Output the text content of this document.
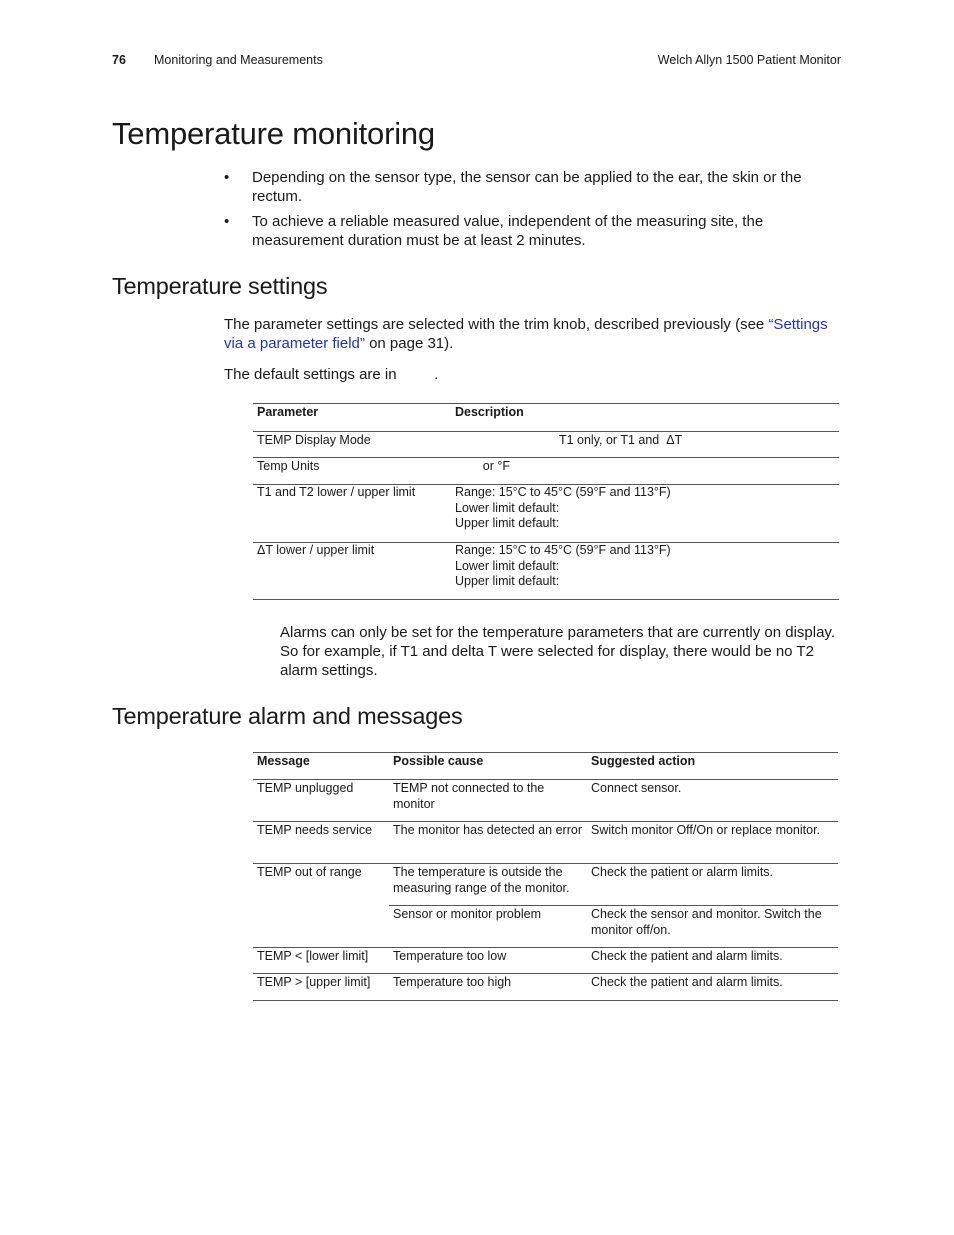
76 Monitoring and Measurements	Welch Allyn 1500 Patient Monitor
Temperature monitoring
• Depending on the sensor type, the sensor can be applied to the ear, the skin or the rectum.
• To achieve a reliable measured value, independent of the measuring site, the measurement duration must be at least 2 minutes.
Temperature settings

The parameter settings are selected with the trim knob, described previously (see “Settings via a parameter field” on page 31).

The default settings are in         .

Parameter	Description
TEMP Display Mode	T1 only, or T1 and  ΔT
Temp Units	or °F
T1 and T2 lower / upper limit	Range: 15°C to 45°C (59°F and 113°F)
Lower limit default:
Upper limit default:

ΔT lower / upper limit	Range: 15°C to 45°C (59°F and 113°F)
Lower limit default:
Upper limit default:

Alarms can only be set for the temperature parameters that are currently on display. So for example, if T1 and delta T were selected for display, there would be no T2 alarm settings.

Temperature alarm and messages
Message	Possible cause	Suggested action
TEMP unplugged	TEMP not connected to the monitor	Connect sensor.
TEMP needs service	The monitor has detected an error	Switch monitor Off/On or replace monitor.
TEMP out of range	The temperature is outside the measuring range of the monitor.	Check the patient or alarm limits.
	Sensor or monitor problem	Check the sensor and monitor. Switch the monitor off/on.
TEMP < [lower limit]	Temperature too low	Check the patient and alarm limits.
TEMP > [upper limit]	Temperature too high	Check the patient and alarm limits.
